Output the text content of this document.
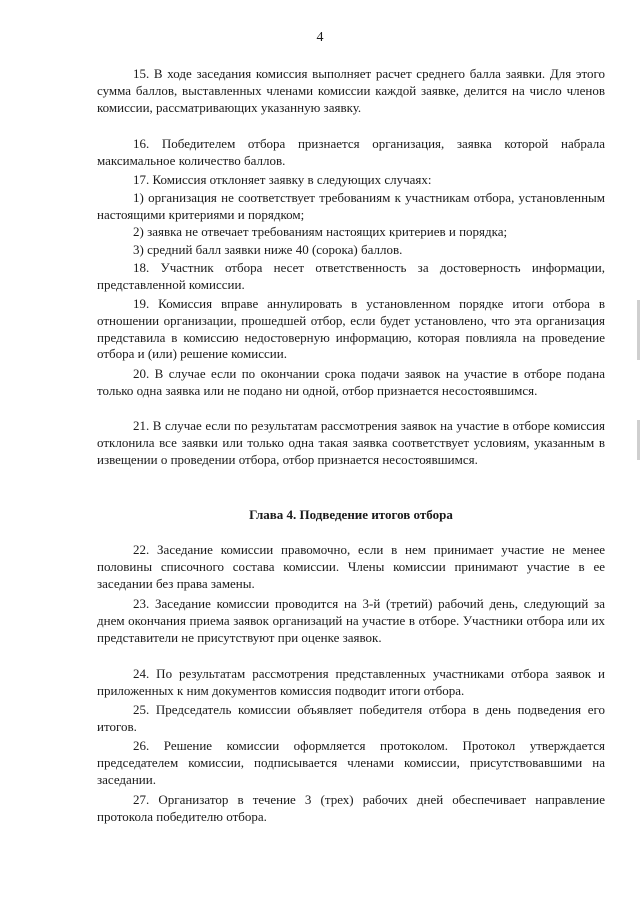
4

15. В ходе заседания комиссия выполняет расчет среднего балла заявки. Для этого сумма баллов, выставленных членами комиссии каждой заявке, делится на число членов комиссии, рассматривающих указанную заявку.

16. Победителем отбора признается организация, заявка которой набрала максимальное количество баллов.

17. Комиссия отклоняет заявку в следующих случаях:

1) организация не соответствует требованиям к участникам отбора, установленным настоящими критериями и порядком;

2) заявка не отвечает требованиям настоящих критериев и порядка;

3) средний балл заявки ниже 40 (сорока) баллов.

18. Участник отбора несет ответственность за достоверность информации, представленной комиссии.

19. Комиссия вправе аннулировать в установленном порядке итоги отбора в отношении организации, прошедшей отбор, если будет установлено, что эта организация представила в комиссию недостоверную информацию, которая повлияла на проведение отбора и (или) решение комиссии.

20. В случае если по окончании срока подачи заявок на участие в отборе подана только одна заявка или не подано ни одной, отбор признается несостоявшимся.

21. В случае если по результатам рассмотрения заявок на участие в отборе комиссия отклонила все заявки или только одна такая заявка соответствует условиям, указанным в извещении о проведении отбора, отбор признается несостоявшимся.

Глава 4. Подведение итогов отбора

22. Заседание комиссии правомочно, если в нем принимает участие не менее половины списочного состава комиссии. Члены комиссии принимают участие в ее заседании без права замены.

23. Заседание комиссии проводится на 3-й (третий) рабочий день, следующий за днем окончания приема заявок организаций на участие в отборе. Участники отбора или их представители не присутствуют при оценке заявок.

24. По результатам рассмотрения представленных участниками отбора заявок и приложенных к ним документов комиссия подводит итоги отбора.

25. Председатель комиссии объявляет победителя отбора в день подведения его итогов.

26. Решение комиссии оформляется протоколом. Протокол утверждается председателем комиссии, подписывается членами комиссии, присутствовавшими на заседании.

27. Организатор в течение 3 (трех) рабочих дней обеспечивает направление протокола победителю отбора.
